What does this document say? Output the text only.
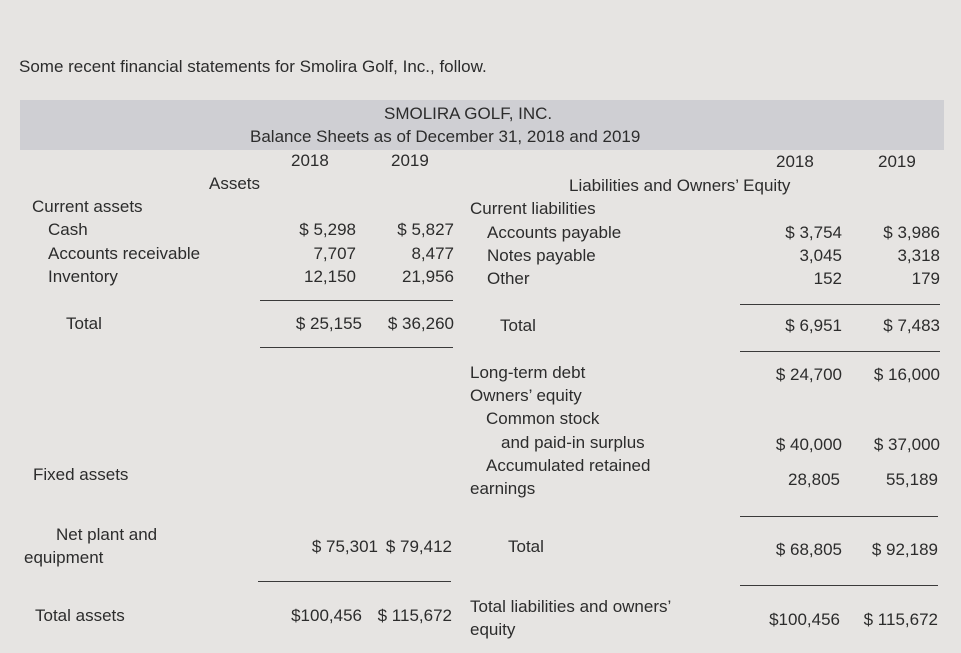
Some recent financial statements for Smolira Golf, Inc., follow.
SMOLIRA GOLF, INC.
Balance Sheets as of December 31, 2018 and 2019
2018	2019
Assets
Current assets
Cash	$ 5,298	$ 5,827
Accounts receivable	7,707	8,477
Inventory	12,150	21,956
Total	$ 25,155	$ 36,260
Fixed assets
Net plant and
equipment
$ 75,301 $ 79,412
Total assets	$100,456 $ 115,672
2018	2019
Liabilities and Owners’ Equity
Current liabilities
Accounts payable	$ 3,754	$ 3,986
Notes payable	3,045	3,318
Other	152	179
Total	$ 6,951	$ 7,483
Long-term debt	$ 24,700	$ 16,000
Owners’ equity
Common stock
and paid-in surplus	$ 40,000	$ 37,000
Accumulated retained
earnings	28,805	55,189
Total	$ 68,805	$ 92,189
Total liabilities and owners’
equity
$100,456	$ 115,672
